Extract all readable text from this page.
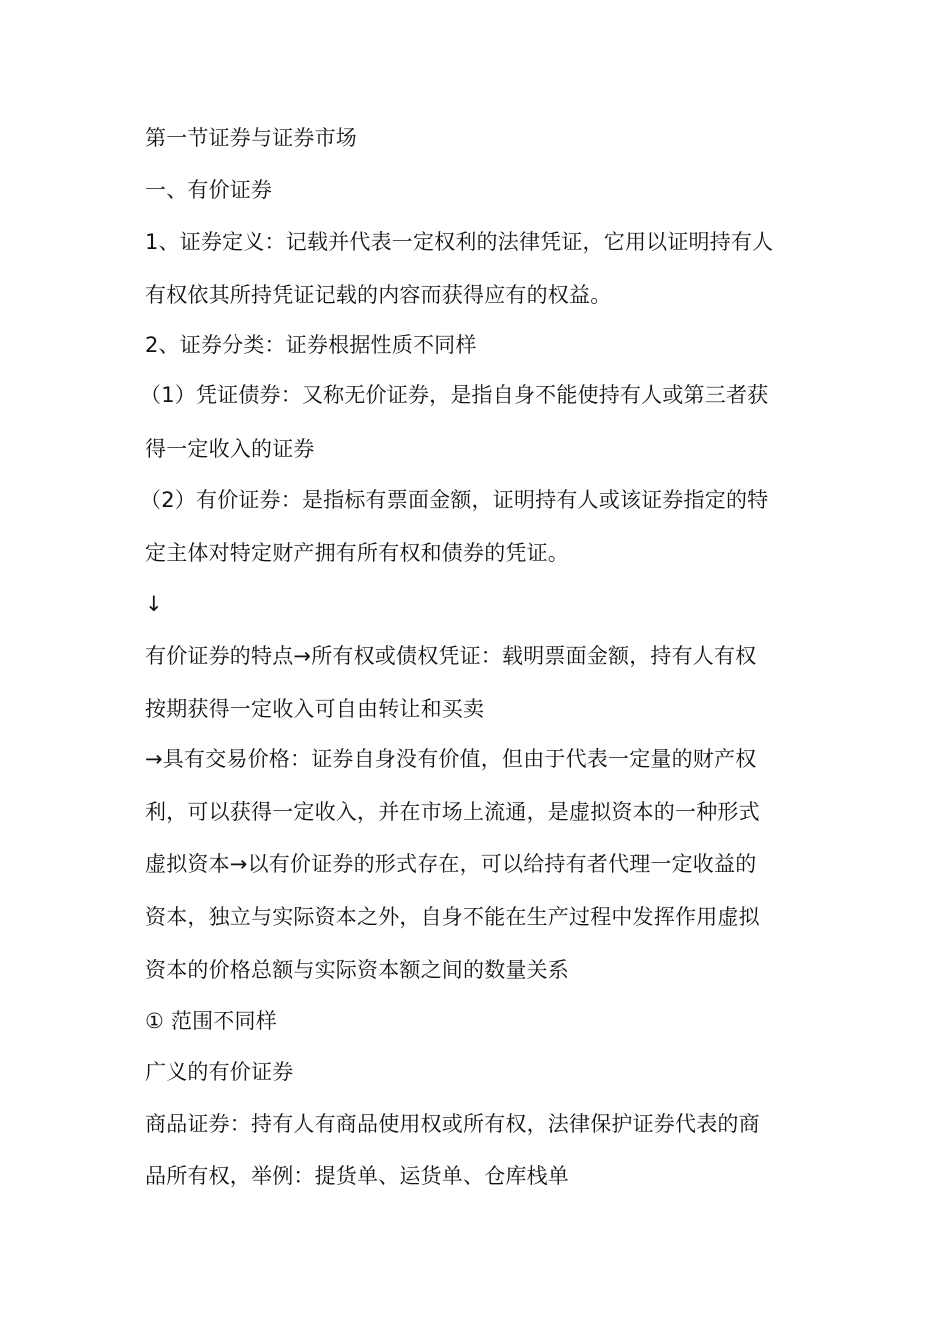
第一节证券与证券市场
一、有价证券
1、证券定义：记载并代表一定权利的法律凭证，它用以证明持有人
有权依其所持凭证记载的内容而获得应有的权益。
2、证券分类：证券根据性质不同样
（1）凭证债券：又称无价证券，是指自身不能使持有人或第三者获
得一定收入的证券
（2）有价证券：是指标有票面金额，证明持有人或该证券指定的特
定主体对特定财产拥有所有权和债券的凭证。
↓
有价证券的特点→所有权或债权凭证：载明票面金额，持有人有权
按期获得一定收入可自由转让和买卖
→具有交易价格：证券自身没有价值，但由于代表一定量的财产权
利，可以获得一定收入，并在市场上流通，是虚拟资本的一种形式
虚拟资本→以有价证券的形式存在，可以给持有者代理一定收益的
资本，独立与实际资本之外，自身不能在生产过程中发挥作用虚拟
资本的价格总额与实际资本额之间的数量关系
① 范围不同样
广义的有价证券
商品证券：持有人有商品使用权或所有权，法律保护证券代表的商
品所有权，举例：提货单、运货单、仓库栈单
